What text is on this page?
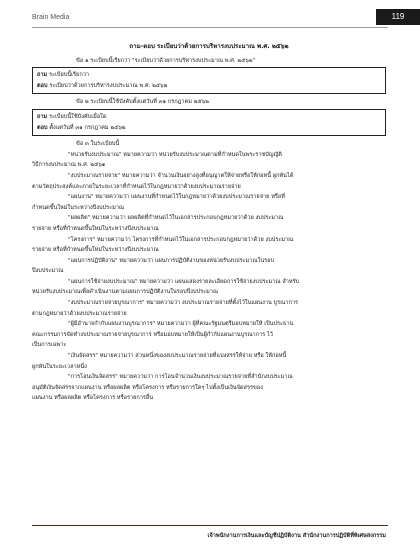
Brain Media	119
ถาม-ตอบ ระเบียบว่าด้วยการบริหารงบประมาณ พ.ศ. ๒๕๖๒

ข้อ ๑ ระเบียบนี้เรียกว่า "ระเบียบว่าด้วยการบริหารงบประมาณ พ.ศ. ๒๕๖๒"

ถาม ระเบียบนี้เรียกว่า
ตอบ ระเบียบว่าด้วยการบริหารงบประมาณ พ.ศ. ๒๕๖๒

ข้อ ๒ ระเบียบนี้ใช้บังคับตั้งแต่วันที่ ๓๑ กรกฎาคม ๒๕๖๒

ถาม ระเบียบนี้ใช้บังคับเมื่อใด
ตอบ ตั้งแต่วันที่ ๓๑ กรกฎาคม ๒๕๖๒

ข้อ ๓ ในระเบียบนี้

"หน่วยรับงบประมาณ" หมายความว่า หน่วยรับงบประมาณตามที่กำหนดในพระราชบัญญัติ

วิธีการงบประมาณ พ.ศ. ๒๕๖๑

"งบประมาณรายจ่าย" หมายความว่า จำนวนเงินอย่างสูงที่อนุญาตให้จ่ายหรือให้ก่อหนี้ ผูกพันได้

ตามวัตถุประสงค์และภายในระยะเวลาที่กำหนดไว้ในกฎหมายว่าด้วยงบประมาณรายจ่าย

"แผนงาน" หมายความว่า แผนงานที่กำหนดไว้ในกฎหมายว่าด้วยงบประมาณรายจ่าย หรือที่

กำหนดขึ้นใหม่ในระหว่างปีงบประมาณ

"ผลผลิต" หมายความว่า ผลผลิตที่กำหนดไว้ในเอกสารประกอบกฎหมายว่าด้วย งบประมาณ

รายจ่าย หรือที่กำหนดขึ้นใหม่ในระหว่างปีงบประมาณ

"โครงการ" หมายความว่า โครงการที่กำหนดไว้ในเอกสารประกอบกฎหมายว่าด้วย งบประมาณ

รายจ่าย หรือที่กำหนดขึ้นใหม่ในระหว่างปีงบประมาณ

"แผนการปฏิบัติงาน" หมายความว่า แผนการปฏิบัติงานของหน่วยรับงบประมาณในรอบ

ปีงบประมาณ

"แผนการใช้จ่ายงบประมาณ" หมายความว่า แผนแสดงรายละเอียดการใช้จ่ายงบประมาณ สำหรับ

หน่วยรับงบประมาณเพื่อดำเนินงานตามแผนการปฏิบัติงานในรอบปีงบประมาณ

"งบประมาณรายจ่ายบูรณาการ" หมายความว่า งบประมาณรายจ่ายที่ตั้งไว้ในแผนงาน บูรณาการ

ตามกฎหมายว่าด้วยงบประมาณรายจ่าย

"ผู้มีอำนาจกำกับแผนงานบูรณาการ" หมายความว่า ผู้ที่คณะรัฐมนตรีมอบหมายให้ เป็นประธาน

คณะกรรมการจัดทำงบประมาณรายจ่ายบูรณาการ หรือมอบหมายให้เป็นผู้กำกับแผนงานบูรณาการ ไว้

เป็นการเฉพาะ

"เงินจัดสรร" หมายความว่า ส่วนหนึ่งของงบประมาณรายจ่ายที่แบ่งสรรให้จ่าย หรือ ให้ก่อหนี้

ผูกพันในระยะเวลาหนึ่ง

"การโอนเงินจัดสรร" หมายความว่า การโอนจำนวนเงินงบประมาณรายจ่ายที่สำนักงบประมาณ

อนุมัติเงินจัดสรรจากแผนงาน หรือผลผลิต หรือโครงการ หรือรายการใดๆ ไปตั้งเป็นเงินจัดสรรของ

แผนงาน หรือผลผลิต หรือโครงการ หรือรายการอื่น

เจ้าพนักงานการเงินและบัญชีปฏิบัติงาน สำนักงานการปฏิบัติที่พิเศษสงกรรม
